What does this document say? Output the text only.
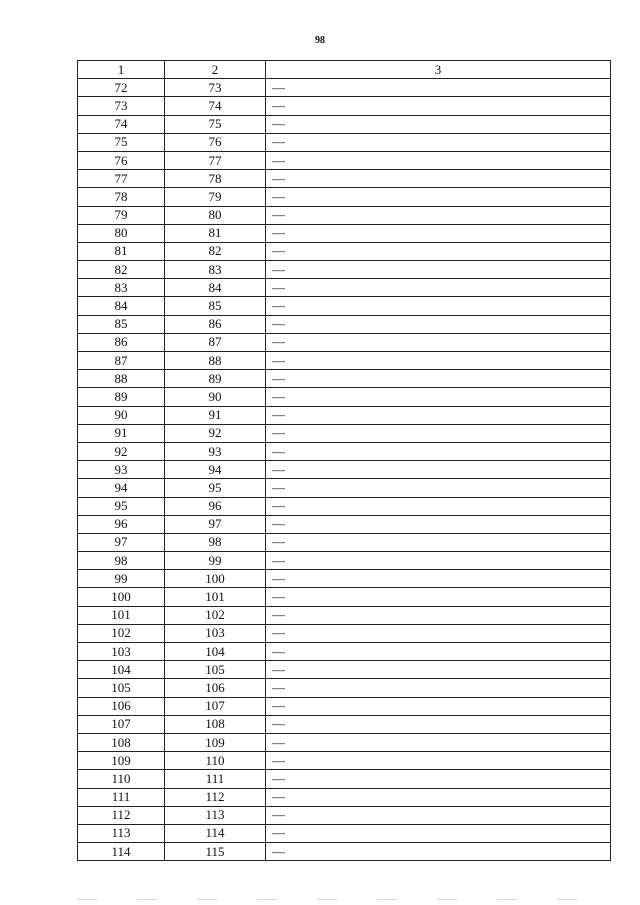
98
1	2	3
72	73	—
73	74	—
74	75	—
75	76	—
76	77	—
77	78	—
78	79	—
79	80	—
80	81	—
81	82	—
82	83	—
83	84	—
84	85	—
85	86	—
86	87	—
87	88	—
88	89	—
89	90	—
90	91	—
91	92	—
92	93	—
93	94	—
94	95	—
95	96	—
96	97	—
97	98	—
98	99	—
99	100	—
100	101	—
101	102	—
102	103	—
103	104	—
104	105	—
105	106	—
106	107	—
107	108	—
108	109	—
109	110	—
110	111	—
111	112	—
112	113	—
113	114	—
114	115	—
